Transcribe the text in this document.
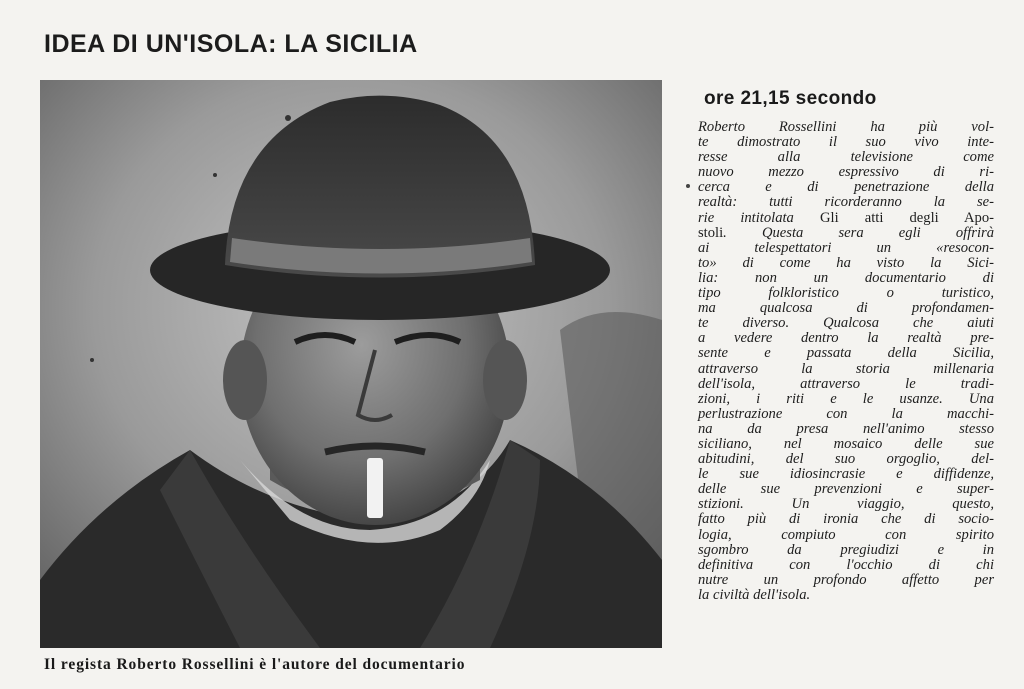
IDEA DI UN'ISOLA: LA SICILIA
Il regista Roberto Rossellini è l'autore del documentario
ore 21,15 secondo
Roberto Rossellini ha più vol-
te dimostrato il suo vivo inte-
resse alla televisione come
nuovo mezzo espressivo di ri-
cerca e di penetrazione della
realtà: tutti ricorderanno la se-
rie intitolata Gli atti degli Apo-
stoli. Questa sera egli offrirà
ai telespettatori un «resocon-
to» di come ha visto la Sici-
lia: non un documentario di
tipo folkloristico o turistico,
ma qualcosa di profondamen-
te diverso. Qualcosa che aiuti
a vedere dentro la realtà pre-
sente e passata della Sicilia,
attraverso la storia millenaria
dell'isola, attraverso le tradi-
zioni, i riti e le usanze. Una
perlustrazione con la macchi-
na da presa nell'animo stesso
siciliano, nel mosaico delle sue
abitudini, del suo orgoglio, del-
le sue idiosincrasie e diffidenze,
delle sue prevenzioni e super-
stizioni. Un viaggio, questo,
fatto più di ironia che di socio-
logia, compiuto con spirito
sgombro da pregiudizi e in
definitiva con l'occhio di chi
nutre un profondo affetto per
la civiltà dell'isola.
